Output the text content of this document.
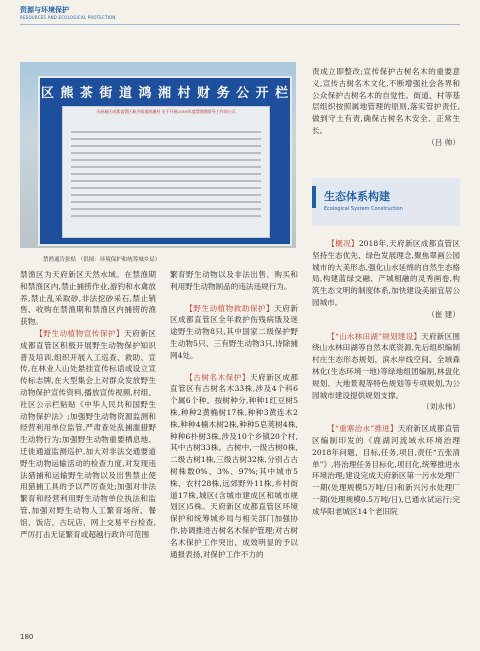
资源与环境保护
RESOURCES AND ECOLOGICAL PROTECTION
区 熊 茶 街 道 鸿 湘 村 财 务 公 开 栏
天府新区成都直管区新兴街道鸿湘村 关于开展2018年度禁渔期督导工作的公示
禁渔通告张贴 （供图：环境保护和统筹城乡局）

禁渔区为天府新区天然水域。在禁渔期和禁渔区内,禁止捕捞作业,游钓和水禽放养,禁止乱采取砂,非法挖砂采石,禁止销售、收购在禁渔期和禁渔区内捕捞的渔获物。

【野生动植物宣传保护】天府新区成都直管区积极开展野生动物保护知识普及培训,组织开展入工巡查、救助、宣传,在林业人山处悬挂宣传标语或设立宣传标志牌,在大型集会上对群众发放野生动物保护宣传资料,播放宣传视频,村组、社区公示栏粘贴《中华人民共和国野生动物保护法》;加强野生动物资源监测和经营利用单位监管,严肃查处乱捕滥猎野生动物行为;加强野生动物重要栖息地、迁徙通道监测巡护,加大对非法交通要道野生动物运输活动的检查力度,对发现违法猎捕和运输野生动物以及出售禁止使用猎捕工具的予以严厉查处;加强对非法繁育和经营利用野生动物单位执法和监管,加强对野生动物人工繁育场所、餐馆、饭店、古玩店、网上交易平台检查,严厉打击无证繁育或超越行政许可范围

繁育野生动物以及非法出售、购买和利用野生动物制品的违法违规行为。

【野生动植物救助保护】天府新区成都直管区全年救护伤残病饿及迷途野生动物8只,其中国家二级保护野生动物5只、三有野生动物3只,诗除捕网4处。

【古树名木保护】天府新区成都直管区有古树名木33株,涉及4个科6个属6个种。按树种分,种种1红豆树5株,种种2黄桷树17株,种种3黄连木2株,种种4楠木树2株,种种5皂荚树4株,种种6朴树3株,涉及10个乡镇20个村,其中古树33株。古树中,一级古树0株,二级古树1株,三级古树32株,分别占古树株数0%、3%、97%;其中城市5株、农村28株,远郊野外11株,乡村街道17株,城区(含城市建成区和城市规划区)5株。天府新区成都直管区环境保护和统筹城乡局与相关部门加强协作,协调推进古树名木保护管理;对古树名木保护工作突出、成效明显的予以通报表扬,对保护工作不力的

责成立即整改;宣传保护古树名木的重要意义,宣传古树名木文化,不断增强社会各界和公众保护古树名木的自觉性。街道、村等基层组织按照属地管理的原则,落实管护责任,做到守土有责,确保古树名木安全、正常生长。

（吕 帅）
生态体系构建
Ecological System Construction

【概况】2018年,天府新区成都直管区坚持生态优先、绿色发展理念,聚焦翠画公园城市的大美形态,强化山水延绵的自然生态格局,构建蓝绿交融、产城相融的灵秀画卷,构筑生态文明的制度体系,加快建设美丽宜居公园城市。

（崔 建）

【“山水林田湖”规划建设】天府新区围绕山水林田湖等自然本底资源,先后组织编制村庄生态形态规划、滨水岸线空间、全域森林化(生态环境一地)等绿地组团编制,林盘化规划、大地景观等特色规划等专项规划,为公园城市建设提供规划支撑。

（刘永伟）

【“重寨治水”推进】天府新区成都直管区编制印发的《鹿湖河流域水环境治理2018年问题、目标,任务,项目,责任“五张清单”》,将治理任务目标化,项目化,统筹推进水环境治理;建设完成天府新区第一污水处理厂一期(处理规模5万吨/日)和新兴污水处理厂一期(处理规模0.5万吨/日),已通水试运行;完成华阳老城区14个老旧院

180
